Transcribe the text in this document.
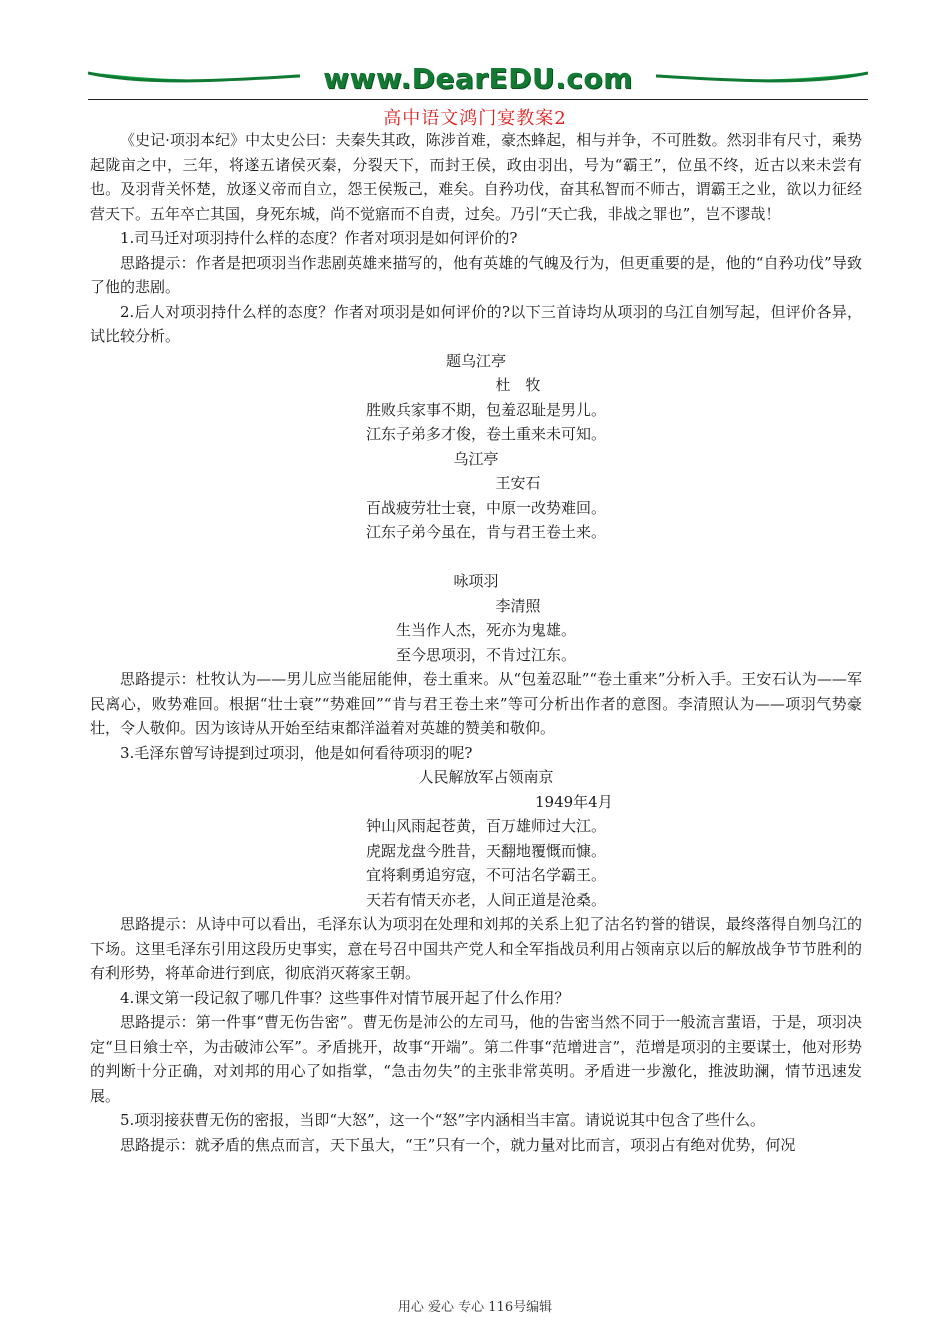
www.DearEDU.com
高中语文鸿门宴教案2

《史记·项羽本纪》中太史公曰：夫秦失其政，陈涉首难，豪杰蜂起，相与并争，不可胜数。然羽非有尺寸，乘势起陇亩之中，三年，将遂五诸侯灭秦，分裂天下，而封王侯，政由羽出，号为“霸王”，位虽不终，近古以来未尝有也。及羽背关怀楚，放逐义帝而自立，怨王侯叛己，难矣。自矜功伐，奋其私智而不师古，谓霸王之业，欲以力征经营天下。五年卒亡其国，身死东城，尚不觉寤而不自责，过矣。乃引“天亡我，非战之罪也”，岂不谬哉！

1.司马迁对项羽持什么样的态度？作者对项羽是如何评价的?

思路提示：作者是把项羽当作悲剧英雄来描写的，他有英雄的气魄及行为，但更重要的是，他的“自矜功伐”导致了他的悲剧。

2.后人对项羽持什么样的态度？作者对项羽是如何评价的?以下三首诗均从项羽的乌江自刎写起，但评价各异，试比较分析。

题乌江亭

杜　牧

胜败兵家事不期，包羞忍耻是男儿。

江东子弟多才俊，卷土重来未可知。

乌江亭

王安石

百战疲劳壮士衰，中原一改势难回。

江东子弟今虽在，肯与君王卷土来。

咏项羽

李清照

生当作人杰，死亦为鬼雄。

至今思项羽，不肯过江东。

思路提示：杜牧认为——男儿应当能屈能伸，卷土重来。从“包羞忍耻”“卷土重来”分析入手。王安石认为——军民离心，败势难回。根据“壮士衰”“势难回”“肯与君王卷土来”等可分析出作者的意图。李清照认为——项羽气势豪壮，令人敬仰。因为该诗从开始至结束都洋溢着对英雄的赞美和敬仰。

3.毛泽东曾写诗提到过项羽，他是如何看待项羽的呢?

人民解放军占领南京

1949年4月

钟山风雨起苍黄，百万雄师过大江。

虎踞龙盘今胜昔，天翻地覆慨而慷。

宜将剩勇追穷寇，不可沽名学霸王。

天若有情天亦老，人间正道是沧桑。

思路提示：从诗中可以看出，毛泽东认为项羽在处理和刘邦的关系上犯了沽名钓誉的错误，最终落得自刎乌江的下场。这里毛泽东引用这段历史事实，意在号召中国共产党人和全军指战员利用占领南京以后的解放战争节节胜利的有利形势，将革命进行到底，彻底消灭蒋家王朝。

4.课文第一段记叙了哪几件事？这些事件对情节展开起了什么作用？

思路提示：第一件事“曹无伤告密”。曹无伤是沛公的左司马，他的告密当然不同于一般流言蜚语，于是，项羽决定“旦日飨士卒，为击破沛公军”。矛盾挑开，故事“开端”。第二件事“范增进言”，范增是项羽的主要谋士，他对形势的判断十分正确，对刘邦的用心了如指掌，“急击勿失”的主张非常英明。矛盾进一步激化，推波助澜，情节迅速发展。

5.项羽接获曹无伤的密报，当即“大怒”，这一个“怒”字内涵相当丰富。请说说其中包含了些什么。

思路提示：就矛盾的焦点而言，天下虽大，“王”只有一个，就力量对比而言，项羽占有绝对优势，何况

用心 爱心 专心 116号编辑
